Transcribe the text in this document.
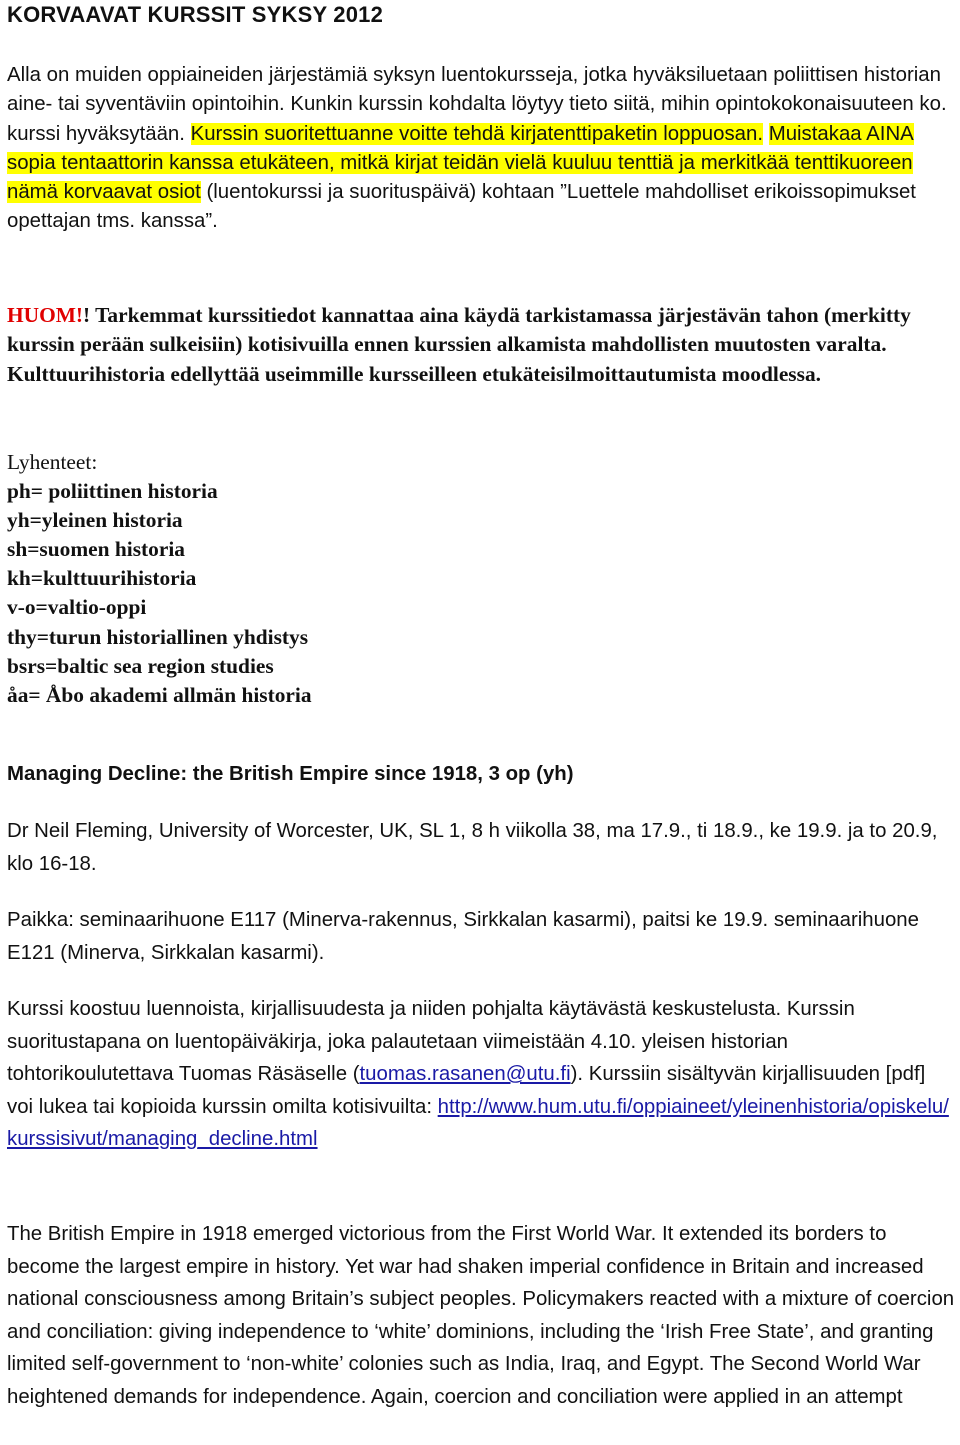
KORVAAVAT KURSSIT SYKSY 2012

Alla on muiden oppiaineiden järjestämiä syksyn luentokursseja, jotka hyväksiluetaan poliittisen historian aine- tai syventäviin opintoihin. Kunkin kurssin kohdalta löytyy tieto siitä, mihin opintokokonaisuuteen ko. kurssi hyväksytään. Kurssin suoritettuanne voitte tehdä kirjatenttipaketin loppuosan. Muistakaa AINA sopia tentaattorin kanssa etukäteen, mitkä kirjat teidän vielä kuuluu tenttiä ja merkitkää tenttikuoreen nämä korvaavat osiot (luentokurssi ja suorituspäivä) kohtaan ”Luettele mahdolliset erikoissopimukset opettajan tms. kanssa”.

HUOM!! Tarkemmat kurssitiedot kannattaa aina käydä tarkistamassa järjestävän tahon (merkitty kurssin perään sulkeisiin) kotisivuilla ennen kurssien alkamista mahdollisten muutosten varalta. Kulttuurihistoria edellyttää useimmille kursseilleen etukäteisilmoittautumista moodlessa.

Lyhenteet:
ph= poliittinen historia
yh=yleinen historia
sh=suomen historia
kh=kulttuurihistoria
v-o=valtio-oppi
thy=turun historiallinen yhdistys
bsrs=baltic sea region studies
åa= Åbo akademi allmän historia
Managing Decline: the British Empire since 1918, 3 op (yh)

Dr Neil Fleming, University of Worcester, UK, SL 1, 8 h viikolla 38, ma 17.9., ti 18.9., ke 19.9. ja to 20.9, klo 16-18.

Paikka: seminaarihuone E117 (Minerva-rakennus, Sirkkalan kasarmi), paitsi ke 19.9. seminaarihuone E121 (Minerva, Sirkkalan kasarmi).

Kurssi koostuu luennoista, kirjallisuudesta ja niiden pohjalta käytävästä keskustelusta. Kurssin suoritustapana on luentopäiväkirja, joka palautetaan viimeistään 4.10. yleisen historian tohtorikoulutettava Tuomas Räsäselle (tuomas.rasanen@utu.fi). Kurssiin sisältyvän kirjallisuuden [pdf] voi lukea tai kopioida kurssin omilta kotisivuilta: http://www.hum.utu.fi/oppiaineet/yleinenhistoria/opiskelu/kurssisivut/managing_decline.html

The British Empire in 1918 emerged victorious from the First World War. It extended its borders to become the largest empire in history. Yet war had shaken imperial confidence in Britain and increased national consciousness among Britain’s subject peoples. Policymakers reacted with a mixture of coercion and conciliation: giving independence to ‘white’ dominions, including the ‘Irish Free State’, and granting limited self-government to ‘non-white’ colonies such as India, Iraq, and Egypt. The Second World War heightened demands for independence. Again, coercion and conciliation were applied in an attempt
